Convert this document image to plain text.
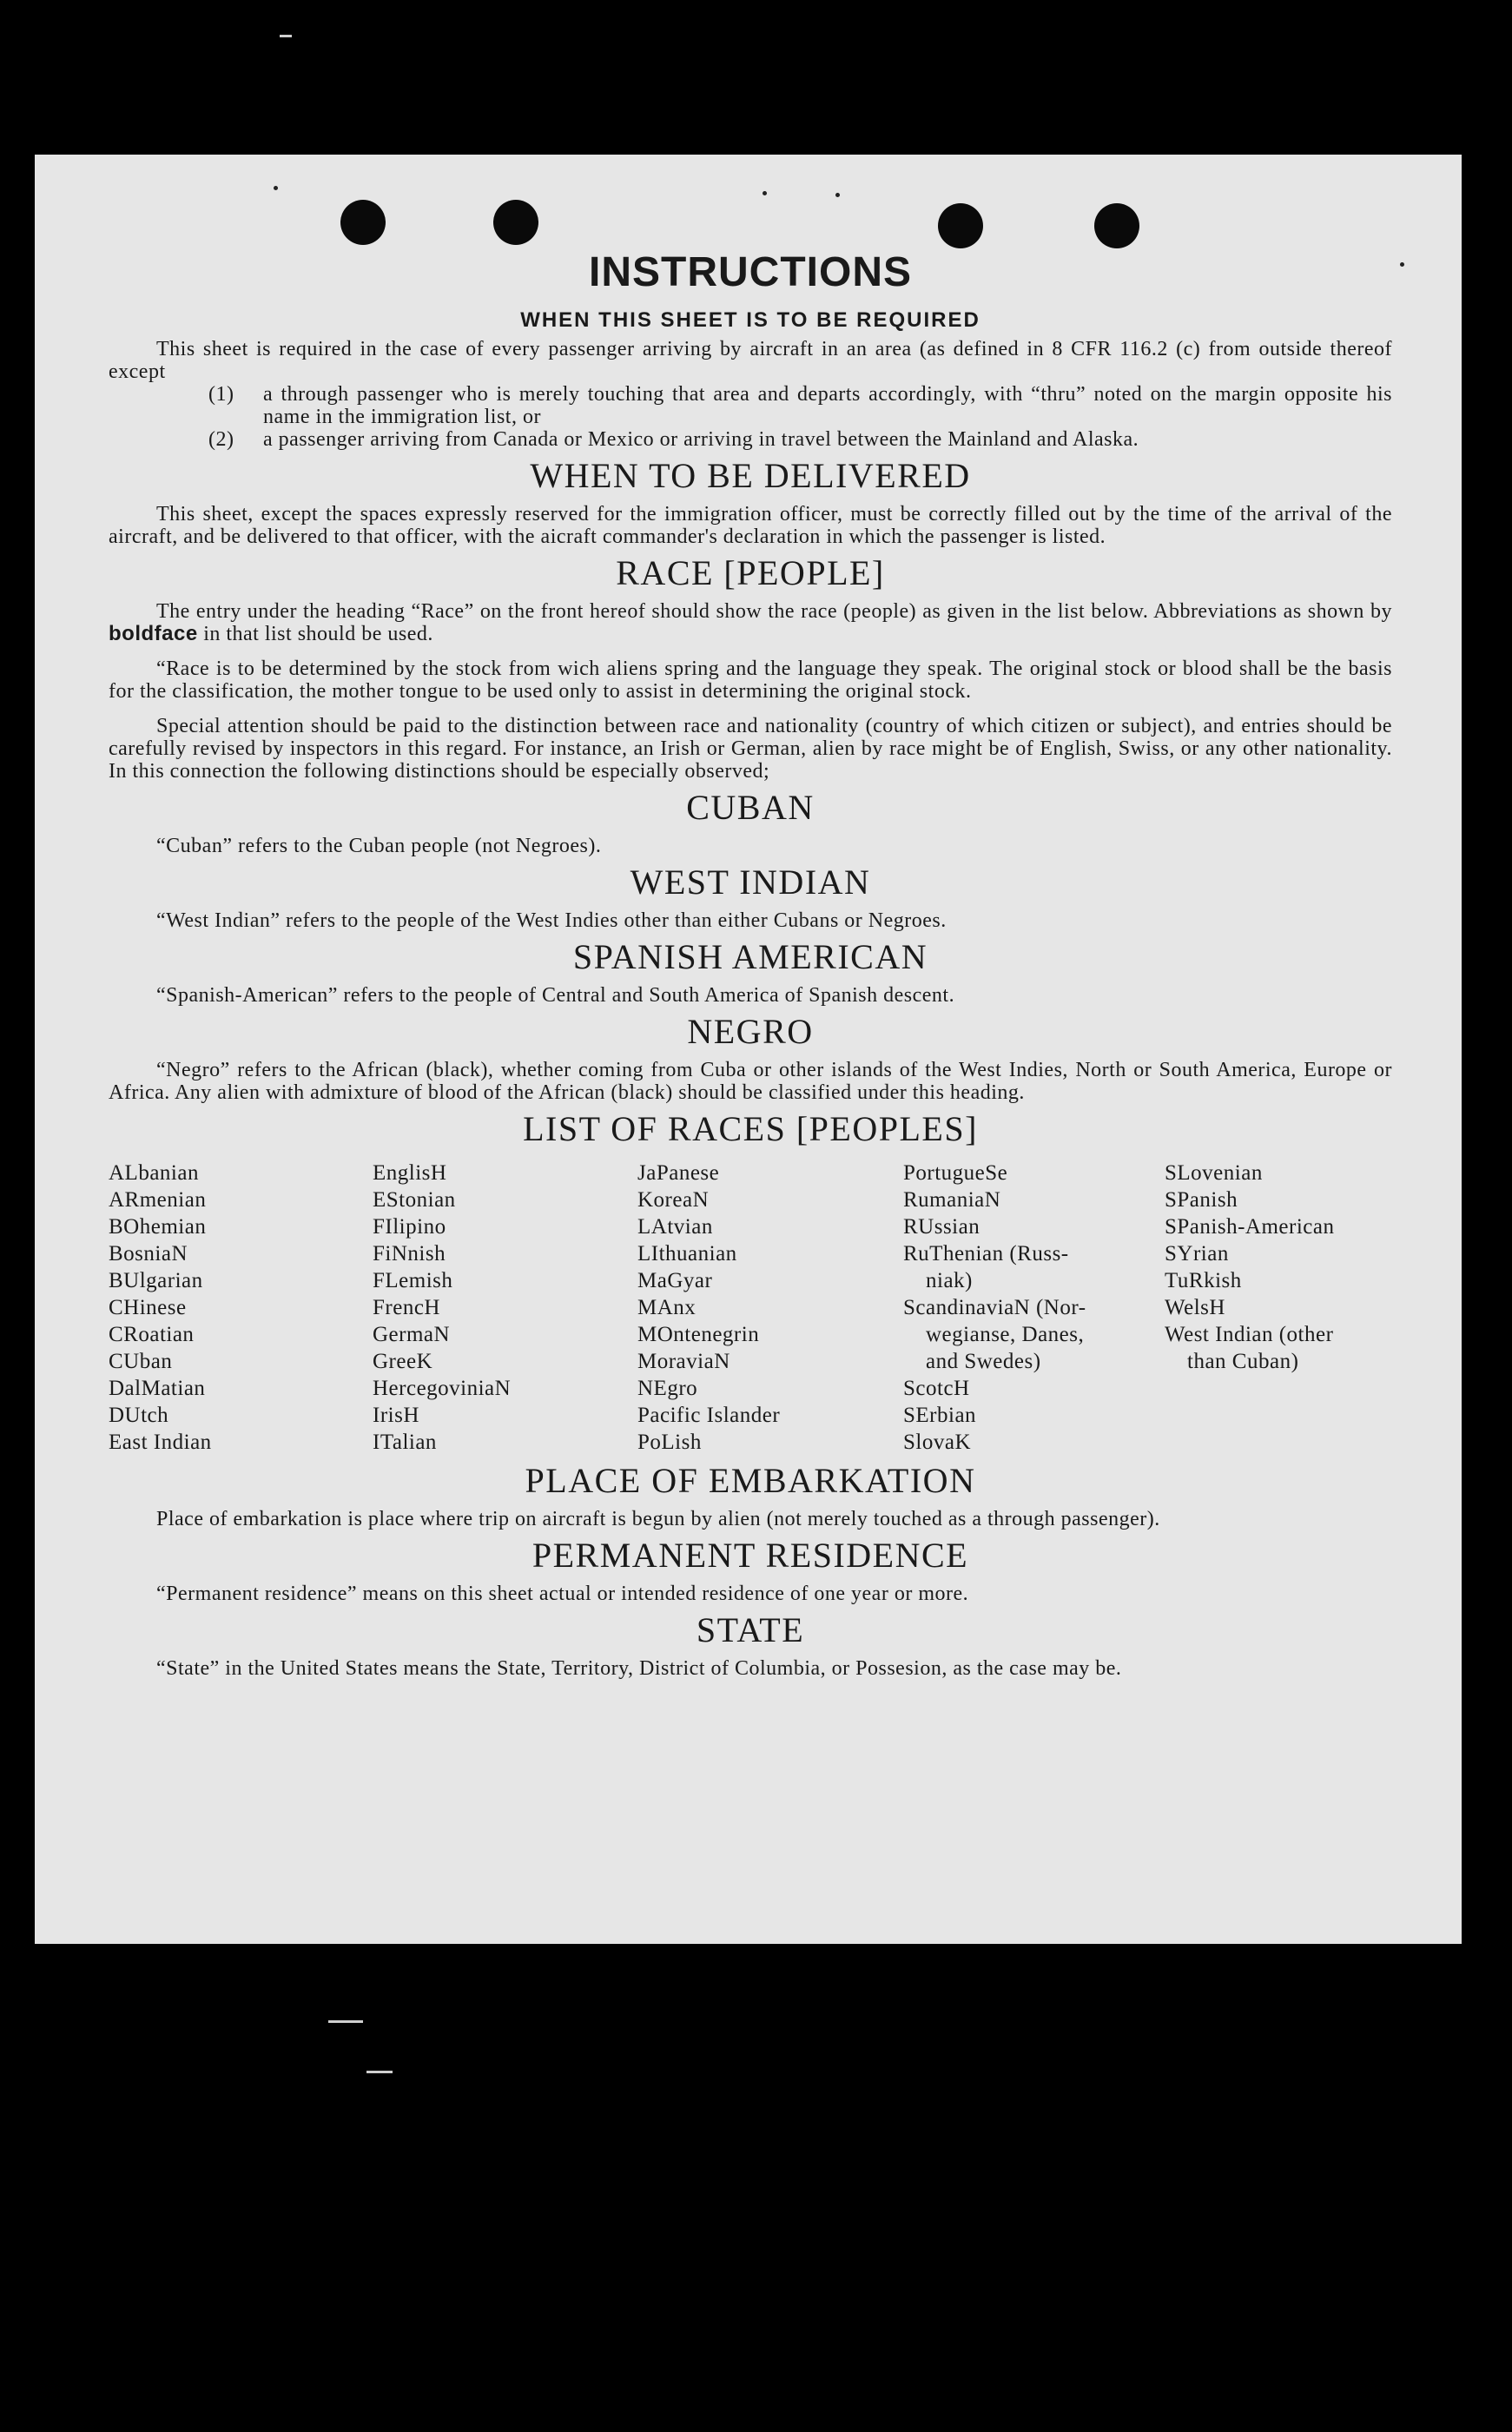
INSTRUCTIONS
WHEN THIS SHEET IS TO BE REQUIRED

This sheet is required in the case of every passenger arriving by aircraft in an area (as defined in 8 CFR 116.2 (c) from outside thereof except

(1)	a through passenger who is merely touching that area and departs accordingly, with “thru” noted on the margin opposite his name in the immigration list, or
(2)	a passenger arriving from Canada or Mexico or arriving in travel between the Mainland and Alaska.
WHEN TO BE DELIVERED

This sheet, except the spaces expressly reserved for the immigration officer, must be correctly filled out by the time of the arrival of the aircraft, and be delivered to that officer, with the aicraft commander's declaration in which the passenger is listed.

RACE [PEOPLE]

The entry under the heading “Race” on the front hereof should show the race (people) as given in the list below. Abbreviations as shown by boldface in that list should be used.

“Race is to be determined by the stock from wich aliens spring and the language they speak. The original stock or blood shall be the basis for the classification, the mother tongue to be used only to assist in determining the original stock.

Special attention should be paid to the distinction between race and nationality (country of which citizen or subject), and entries should be carefully revised by inspectors in this regard. For instance, an Irish or German, alien by race might be of English, Swiss, or any other nationality. In this connection the following distinctions should be especially observed;

CUBAN

“Cuban” refers to the Cuban people (not Negroes).

WEST INDIAN

“West Indian” refers to the people of the West Indies other than either Cubans or Negroes.

SPANISH AMERICAN

“Spanish-American” refers to the people of Central and South America of Spanish descent.

NEGRO

“Negro” refers to the African (black), whether coming from Cuba or other islands of the West Indies, North or South America, Europe or Africa. Any alien with admixture of blood of the African (black) should be classified under this heading.

LIST OF RACES [PEOPLES]
ALbanian
ARmenian
BOhemian
BosniaN
BUlgarian
CHinese
CRoatian
CUban
DalMatian
DUtch
East Indian
EnglisH
EStonian
FIlipino
FiNnish
FLemish
FrencH
GermaN
GreeK
HercegoviniaN
IrisH
ITalian
JaPanese
KoreaN
LAtvian
LIthuanian
MaGyar
MAnx
MOntenegrin
MoraviaN
NEgro
Pacific Islander
PoLish
PortugueSe
RumaniaN
RUssian
RuThenian (Russ-
niak)
ScandinaviaN (Nor-
wegianse, Danes,
and Swedes)
ScotcH
SErbian
SlovaK
SLovenian
SPanish
SPanish-American
SYrian
TuRkish
WelsH
West Indian (other
than Cuban)
PLACE OF EMBARKATION

Place of embarkation is place where trip on aircraft is begun by alien (not merely touched as a through passenger).

PERMANENT RESIDENCE

“Permanent residence” means on this sheet actual or intended residence of one year or more.

STATE

“State” in the United States means the State, Territory, District of Columbia, or Possesion, as the case may be.
